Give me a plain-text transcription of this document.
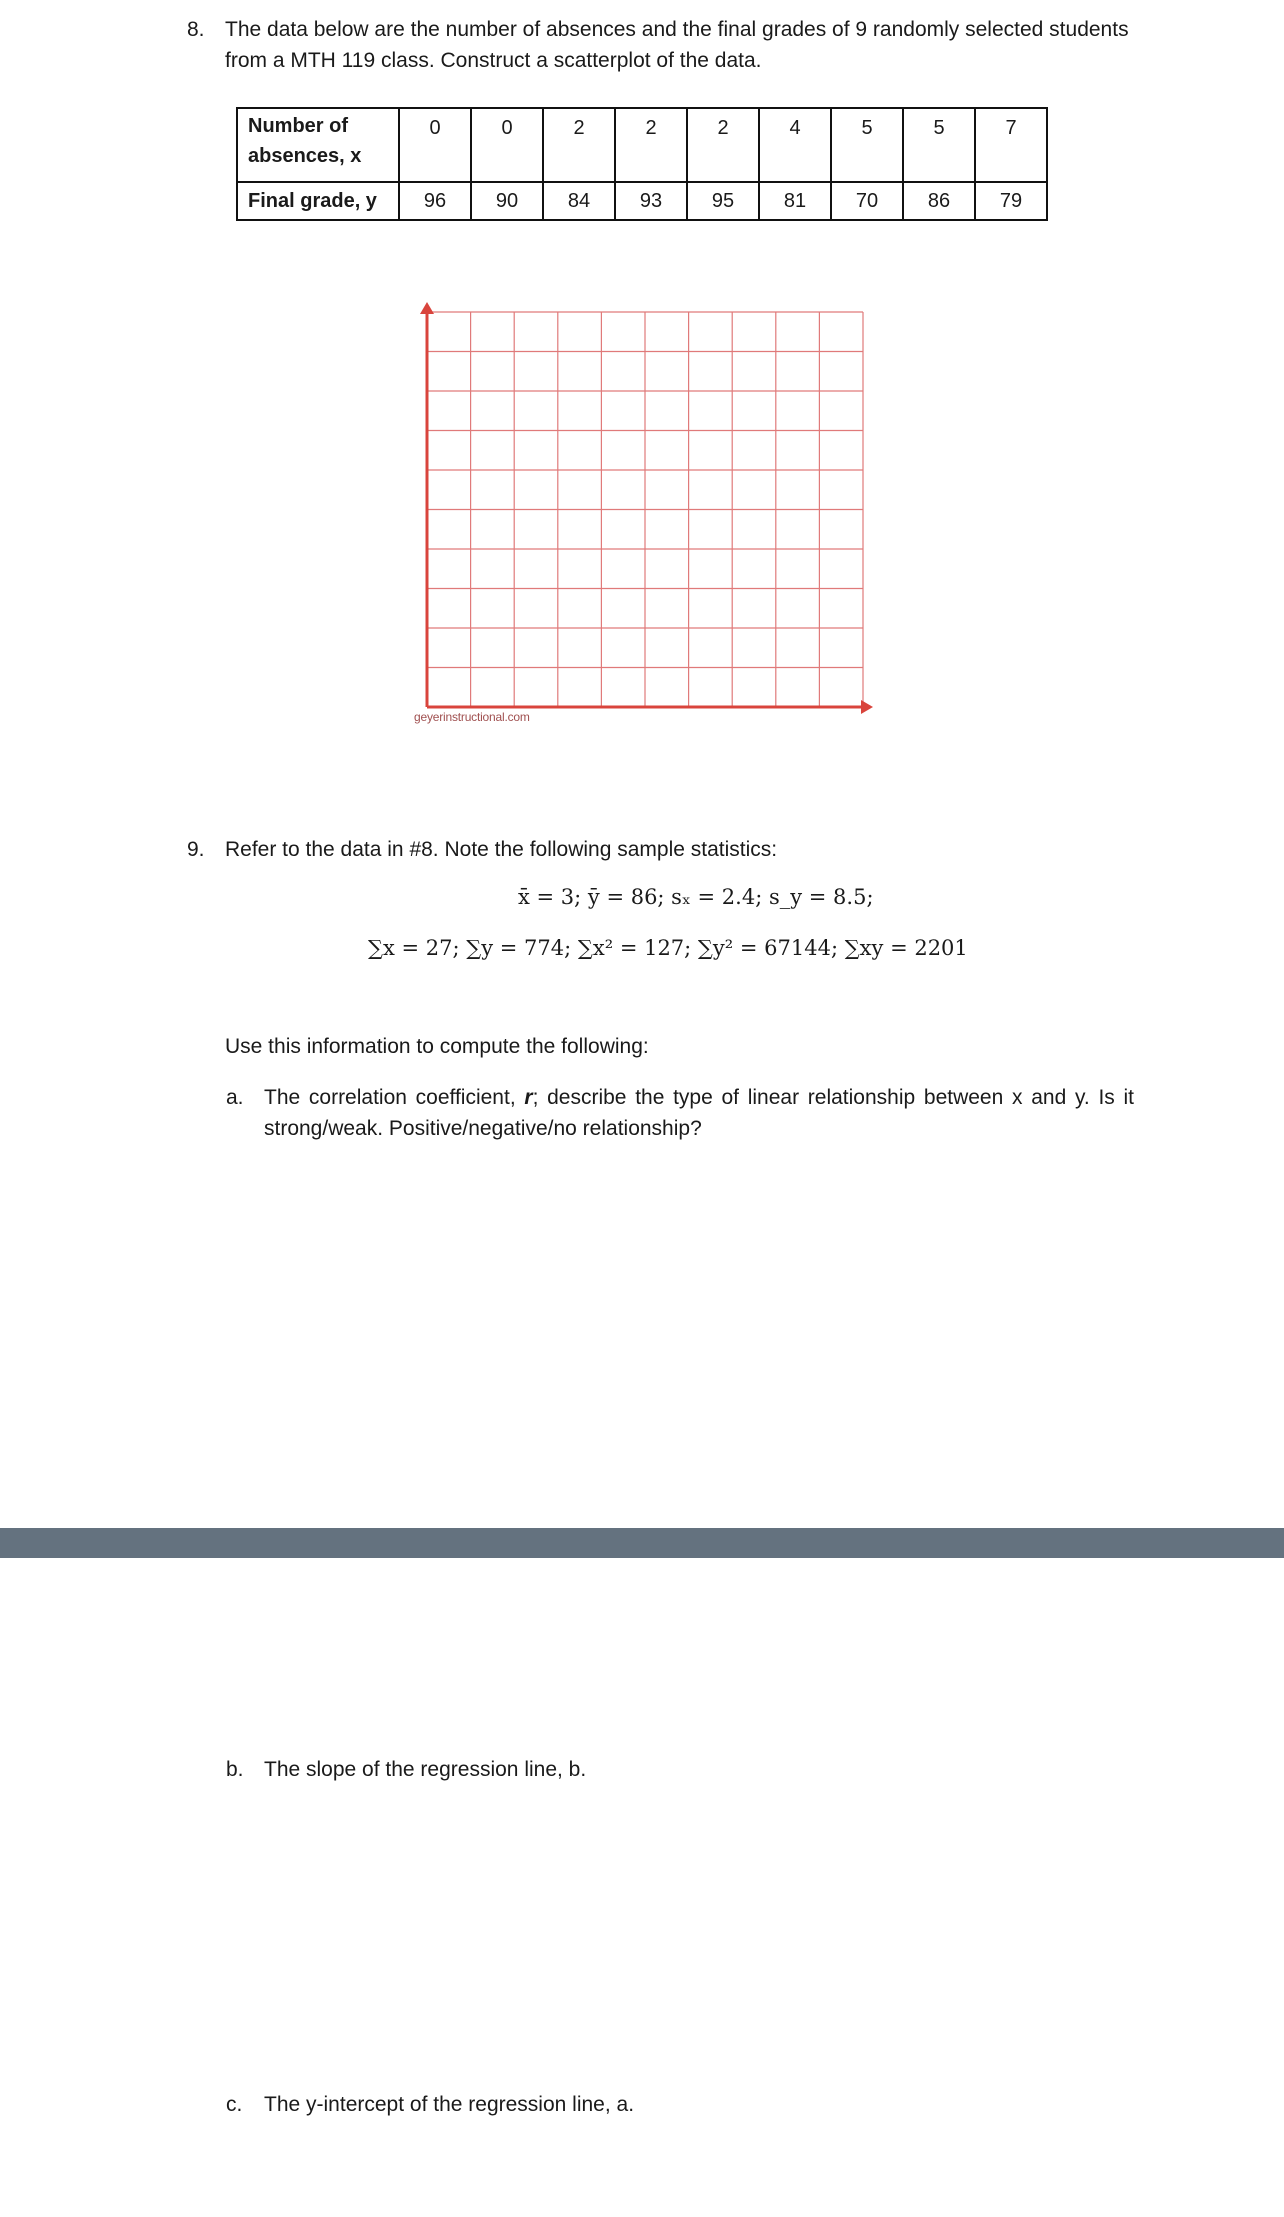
8. The data below are the number of absences and the final grades of 9 randomly selected students from a MTH 119 class. Construct a scatterplot of the data.
Number of absences, x	0	0	2	2	2	4	5	5	7
Final grade, y	96	90	84	93	95	81	70	86	79
geyerinstructional.com
9. Refer to the data in #8. Note the following sample statistics:
x̄ = 3; ȳ = 86; sₓ = 2.4; s_y = 8.5;
∑x = 27; ∑y = 774; ∑x² = 127; ∑y² = 67144; ∑xy = 2201
Use this information to compute the following:
a. The correlation coefficient, r; describe the type of linear relationship between x and y. Is it strong/weak. Positive/negative/no relationship?
b. The slope of the regression line, b.
c. The y-intercept of the regression line, a.
